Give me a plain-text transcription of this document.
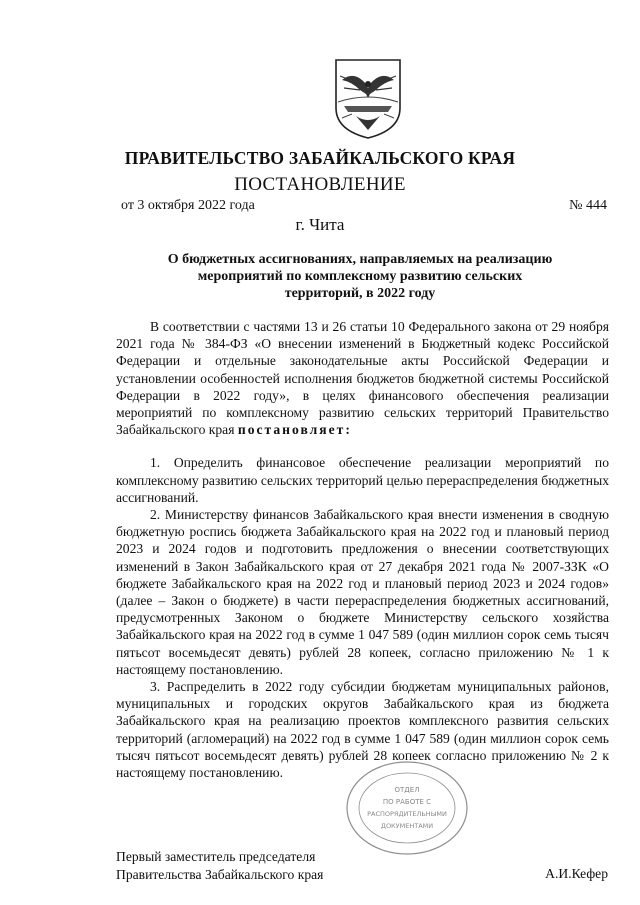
ПРАВИТЕЛЬСТВО ЗАБАЙКАЛЬСКОГО КРАЯ
ПОСТАНОВЛЕНИЕ
от 3 октября 2022 года	№ 444
г. Чита
О бюджетных ассигнованиях, направляемых на реализацию
мероприятий по комплексному развитию сельских
территорий, в 2022 году

В соответствии с частями 13 и 26 статьи 10 Федерального закона от 29 ноября 2021 года № 384-ФЗ «О внесении изменений в Бюджетный кодекс Российской Федерации и отдельные законодательные акты Российской Федерации и установлении особенностей исполнения бюджетов бюджетной системы Российской Федерации в 2022 году», в целях финансового обеспечения реализации мероприятий по комплексному развитию сельских территорий Правительство Забайкальского края постановляет:

1. Определить финансовое обеспечение реализации мероприятий по комплексному развитию сельских территорий целью перераспределения бюджетных ассигнований.

2. Министерству финансов Забайкальского края внести изменения в сводную бюджетную роспись бюджета Забайкальского края на 2022 год и плановый период 2023 и 2024 годов и подготовить предложения о внесении соответствующих изменений в Закон Забайкальского края от 27 декабря 2021 года № 2007-ЗЗК «О бюджете Забайкальского края на 2022 год и плановый период 2023 и 2024 годов» (далее – Закон о бюджете) в части перераспределения бюджетных ассигнований, предусмотренных Законом о бюджете Министерству сельского хозяйства Забайкальского края на 2022 год в сумме 1 047 589 (один миллион сорок семь тысяч пятьсот восемьдесят девять) рублей 28 копеек, согласно приложению № 1 к настоящему постановлению.

3. Распределить в 2022 году субсидии бюджетам муниципальных районов, муниципальных и городских округов Забайкальского края из бюджета Забайкальского края на реализацию проектов комплексного развития сельских территорий (агломераций) на 2022 год в сумме 1 047 589 (один миллион сорок семь тысяч пятьсот восемьдесят девять) рублей 28 копеек согласно приложению № 2 к настоящему постановлению.

ОТДЕЛ
ПО РАБОТЕ С
РАСПОРЯДИТЕЛЬНЫМИ
ДОКУМЕНТАМИ
Первый заместитель председателя
Правительства Забайкальского края	А.И.Кефер
